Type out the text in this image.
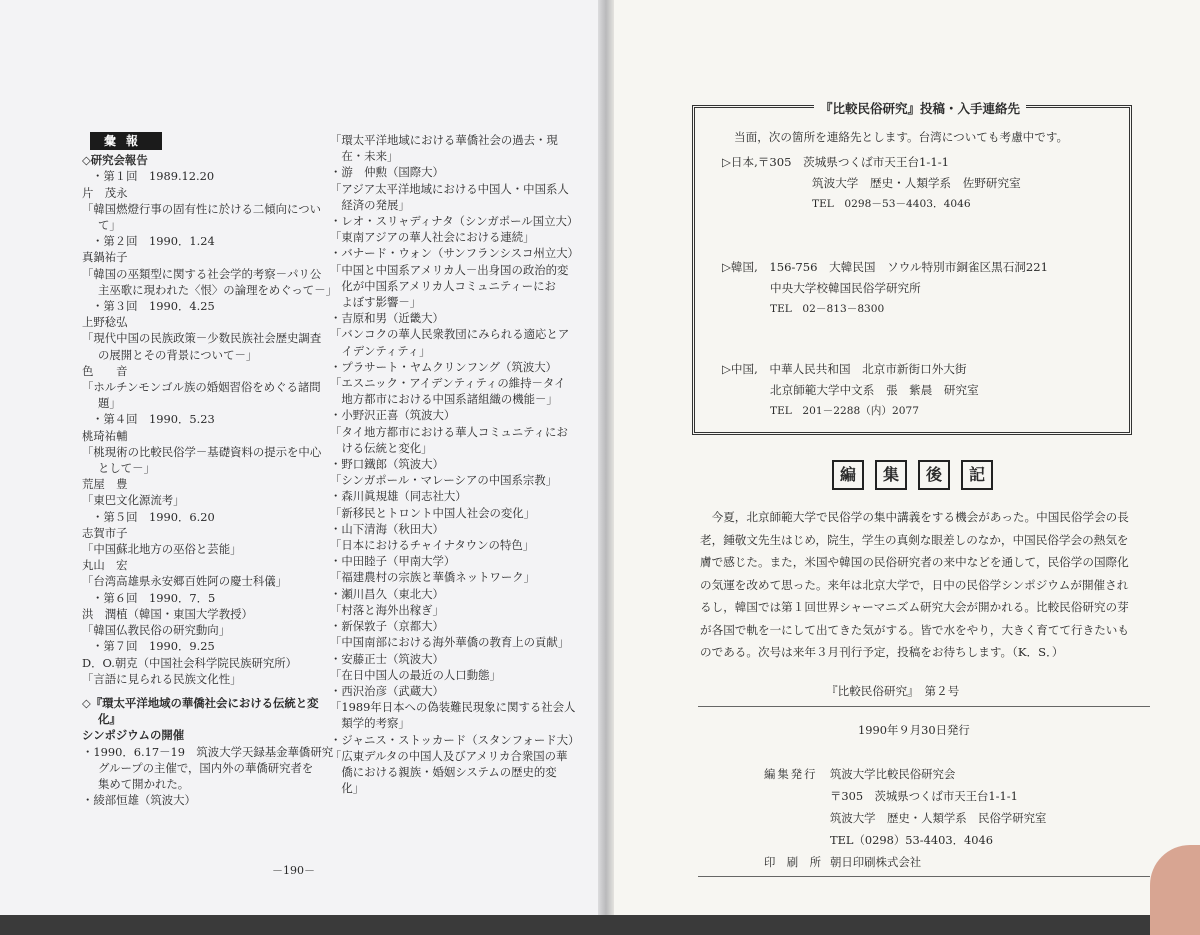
彙報
◇研究会報告
・第１回　1989.12.20
片　茂永
「韓国燃燈行事の固有性に於ける二傾向につい
て」
・第２回　1990．1.24
真鍋祐子
「韓国の巫類型に関する社会学的考察－パリ公
主巫歌に現われた〈恨〉の論理をめぐって－」
・第３回　1990．4.25
上野稔弘
「現代中国の民族政策－少数民族社会歴史調査
の展開とその背景について－」
色　　音
「ホルチンモンゴル族の婚姻習俗をめぐる諸問
題」
・第４回　1990．5.23
桃琦祐輔
「桃現術の比較民俗学－基礎資料の提示を中心
として－」
荒屋　豊
「東巴文化源流考」
・第５回　1990．6.20
志賀市子
「中国蘇北地方の巫俗と芸能」
丸山　宏
「台湾高雄県永安郷百姓阿の慶士科儀」
・第６回　1990．7．5
洪　潤植（韓国・東国大学教授）
「韓国仏教民俗の研究動向」
・第７回　1990．9.25
D．O.朝克（中国社会科学院民族研究所）
「言語に見られる民族文化性」
◇『環太平洋地域の華僑社会における伝統と変
化』
シンポジウムの開催
・1990．6.17－19　筑波大学天録基金華僑研究
グループの主催で，国内外の華僑研究者を
集めて開かれた。
・綾部恒雄（筑波大）
「環太平洋地域における華僑社会の過去・現
　在・未来」
・游　仲勲（国際大）
「アジア太平洋地域における中国人・中国系人
　経済の発展」
・レオ・スリャディナタ（シンガポール国立大）
「東南アジアの華人社会における連続」
・バナード・ウォン（サンフランシスコ州立大）
「中国と中国系アメリカ人－出身国の政治的変
　化が中国系アメリカ人コミュニティーにお
　よぼす影響－」
・吉原和男（近畿大）
「バンコクの華人民衆教団にみられる適応とア
　イデンティティ」
・プラサート・ヤムクリンフング（筑波大）
「エスニック・アイデンティティの維持－タイ
　地方都市における中国系諸組織の機能－」
・小野沢正喜（筑波大）
「タイ地方都市における華人コミュニティにお
　ける伝統と変化」
・野口鐵郎（筑波大）
「シンガポール・マレーシアの中国系宗教」
・森川眞規雄（同志社大）
「新移民とトロント中国人社会の変化」
・山下清海（秋田大）
「日本におけるチャイナタウンの特色」
・中田睦子（甲南大学）
「福建農村の宗族と華僑ネットワーク」
・瀬川昌久（東北大）
「村落と海外出稼ぎ」
・新保敦子（京都大）
「中国南部における海外華僑の教育上の貢献」
・安藤正士（筑波大）
「在日中国人の最近の人口動態」
・西沢治彦（武蔵大）
「1989年日本への偽装難民現象に関する社会人
　類学的考察」
・ジャニス・ストッカード（スタンフォード大）
「広東デルタの中国人及びアメリカ合衆国の華
　僑における親族・婚姻システムの歴史的変
　化」
－190－
『比較民俗研究』投稿・入手連絡先
当面，次の箇所を連絡先とします。台湾についても考慮中です。
▷日本,〒305　茨城県つくば市天王台1-1-1
筑波大学　歴史・人類学系　佐野研究室
TEL　0298－53－4403．4046
▷韓国,　156-756　大韓民国　ソウル特別市銅雀区黒石洞221
中央大学校韓国民俗学研究所
TEL　02－813－8300
▷中国,　中華人民共和国　北京市新街口外大街
北京師範大学中文系　張　紫晨　研究室
TEL　201－2288（内）2077
編	集	後	記
　今夏，北京師範大学で民俗学の集中講義をする機会があった。中国民俗学会の長
老，鍾敬文先生はじめ，院生，学生の真剣な眼差しのなか，中国民俗学会の熱気を
膚で感じた。また，米国や韓国の民俗研究者の来中などを通して，民俗学の国際化
の気運を改めて思った。来年は北京大学で，日中の民俗学シンポジウムが開催され
るし，韓国では第１回世界シャーマニズム研究大会が開かれる。比較民俗研究の芽
が各国で軌を一にして出てきた気がする。皆で水をやり，大きく育てて行きたいも
のである。次号は来年３月刊行予定，投稿をお待ちします。（K．S．）
『比較民俗研究』　第２号
1990年９月30日発行
編集発行 筑波大学比較民俗研究会
〒305　茨城県つくば市天王台1-1-1
筑波大学　歴史・人類学系　民俗学研究室
TEL（0298）53-4403．4046
印　刷　所 朝日印刷株式会社
